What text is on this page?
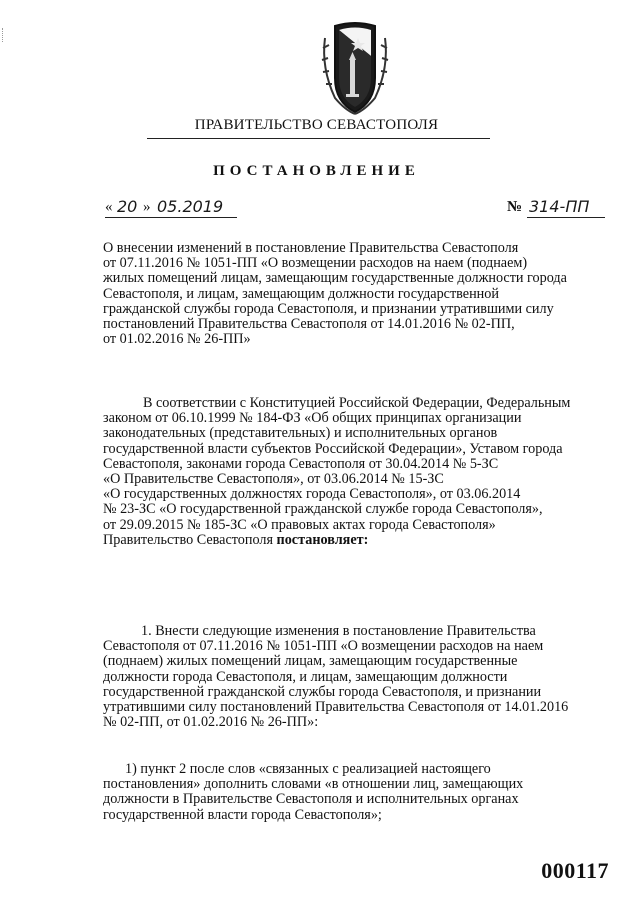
ПРАВИТЕЛЬСТВО СЕВАСТОПОЛЯ
ПОСТАНОВЛЕНИЕ
« 20 » 05.2019	№ 314-ПП
О внесении изменений в постановление Правительства Севастополя
от 07.11.2016 № 1051-ПП «О возмещении расходов на наем (поднаем)
жилых помещений лицам, замещающим государственные должности города
Севастополя, и лицам, замещающим должности государственной
гражданской службы города Севастополя, и признании утратившими силу
постановлений Правительства Севастополя от 14.01.2016 № 02-ПП,
от 01.02.2016 № 26-ПП»
В соответствии с Конституцией Российской Федерации, Федеральным
законом от 06.10.1999 № 184-ФЗ «Об общих принципах организации
законодательных (представительных) и исполнительных органов
государственной власти субъектов Российской Федерации», Уставом города
Севастополя, законами города Севастополя от 30.04.2014 № 5-ЗС
«О Правительстве Севастополя», от 03.06.2014 № 15-ЗС
«О государственных должностях города Севастополя», от 03.06.2014
№ 23-ЗС «О государственной гражданской службе города Севастополя»,
от 29.09.2015 № 185-ЗС «О правовых актах города Севастополя»
Правительство Севастополя постановляет:
1. Внести следующие изменения в постановление Правительства
Севастополя от 07.11.2016 № 1051-ПП «О возмещении расходов на наем
(поднаем) жилых помещений лицам, замещающим государственные
должности города Севастополя, и лицам, замещающим должности
государственной гражданской службы города Севастополя, и признании
утратившими силу постановлений Правительства Севастополя от 14.01.2016
№ 02-ПП, от 01.02.2016 № 26-ПП»:
1) пункт 2 после слов «связанных с реализацией настоящего
постановления» дополнить словами «в отношении лиц, замещающих
должности в Правительстве Севастополя и исполнительных органах
государственной власти города Севастополя»;
000117
